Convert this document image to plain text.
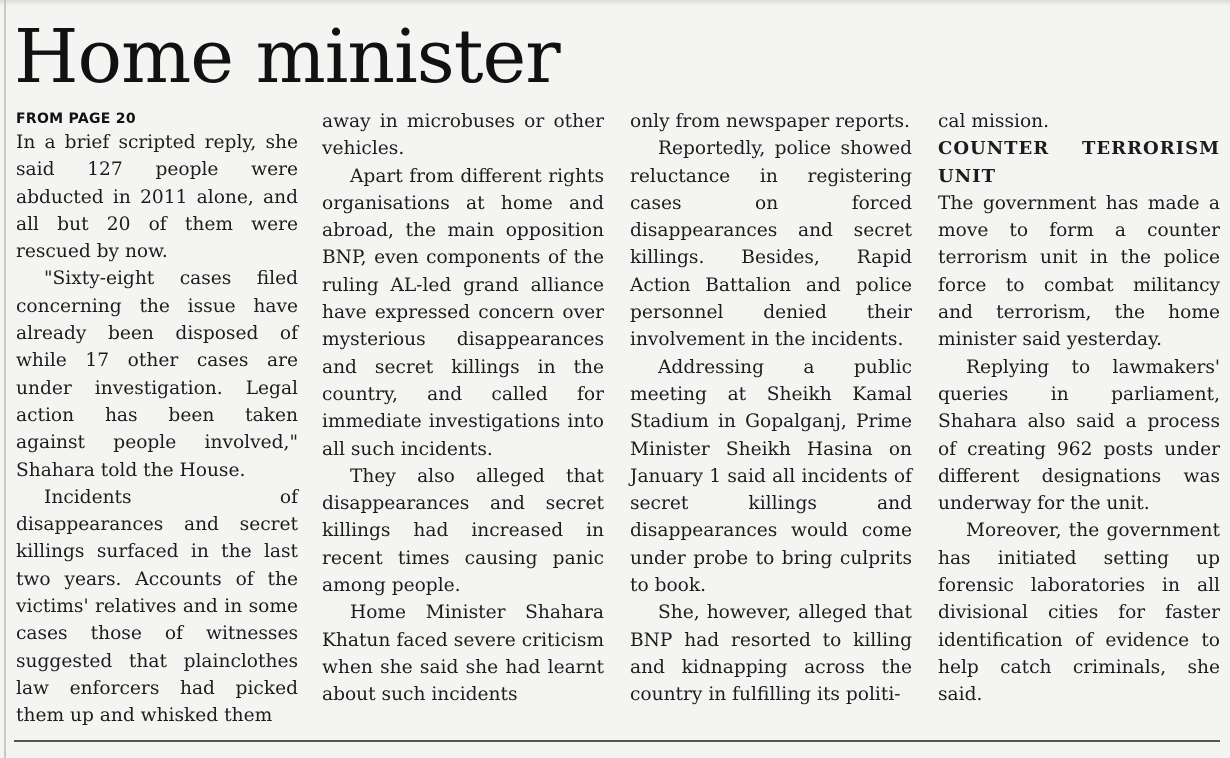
Home minister
FROM PAGE 20

In a brief scripted reply, she said 127 people were abducted in 2011 alone, and all but 20 of them were rescued by now.

"Sixty-eight cases filed concerning the issue have already been disposed of while 17 other cases are under investigation. Legal action has been taken against people involved," Shahara told the House.

Incidents of disappearances and secret killings surfaced in the last two years. Accounts of the victims' relatives and in some cases those of witnesses suggested that plainclothes law enforcers had picked them up and whisked them

away in microbuses or other vehicles.

Apart from different rights organisations at home and abroad, the main opposition BNP, even components of the ruling AL-led grand alliance have expressed concern over mysterious disappearances and secret killings in the country, and called for immediate investigations into all such incidents.

They also alleged that disappearances and secret killings had increased in recent times causing panic among people.

Home Minister Shahara Khatun faced severe criticism when she said she had learnt about such incidents

only from newspaper reports.

Reportedly, police showed reluctance in registering cases on forced disappearances and secret killings. Besides, Rapid Action Battalion and police personnel denied their involvement in the incidents.

Addressing a public meeting at Sheikh Kamal Stadium in Gopalganj, Prime Minister Sheikh Hasina on January 1 said all incidents of secret killings and disappearances would come under probe to bring culprits to book.

She, however, alleged that BNP had resorted to killing and kidnapping across the country in fulfilling its politi-

cal mission.

COUNTER TERRORISM UNIT

The government has made a move to form a counter terrorism unit in the police force to combat militancy and terrorism, the home minister said yesterday.

Replying to lawmakers' queries in parliament, Shahara also said a process of creating 962 posts under different designations was underway for the unit.

Moreover, the government has initiated setting up forensic laboratories in all divisional cities for faster identification of evidence to help catch criminals, she said.
